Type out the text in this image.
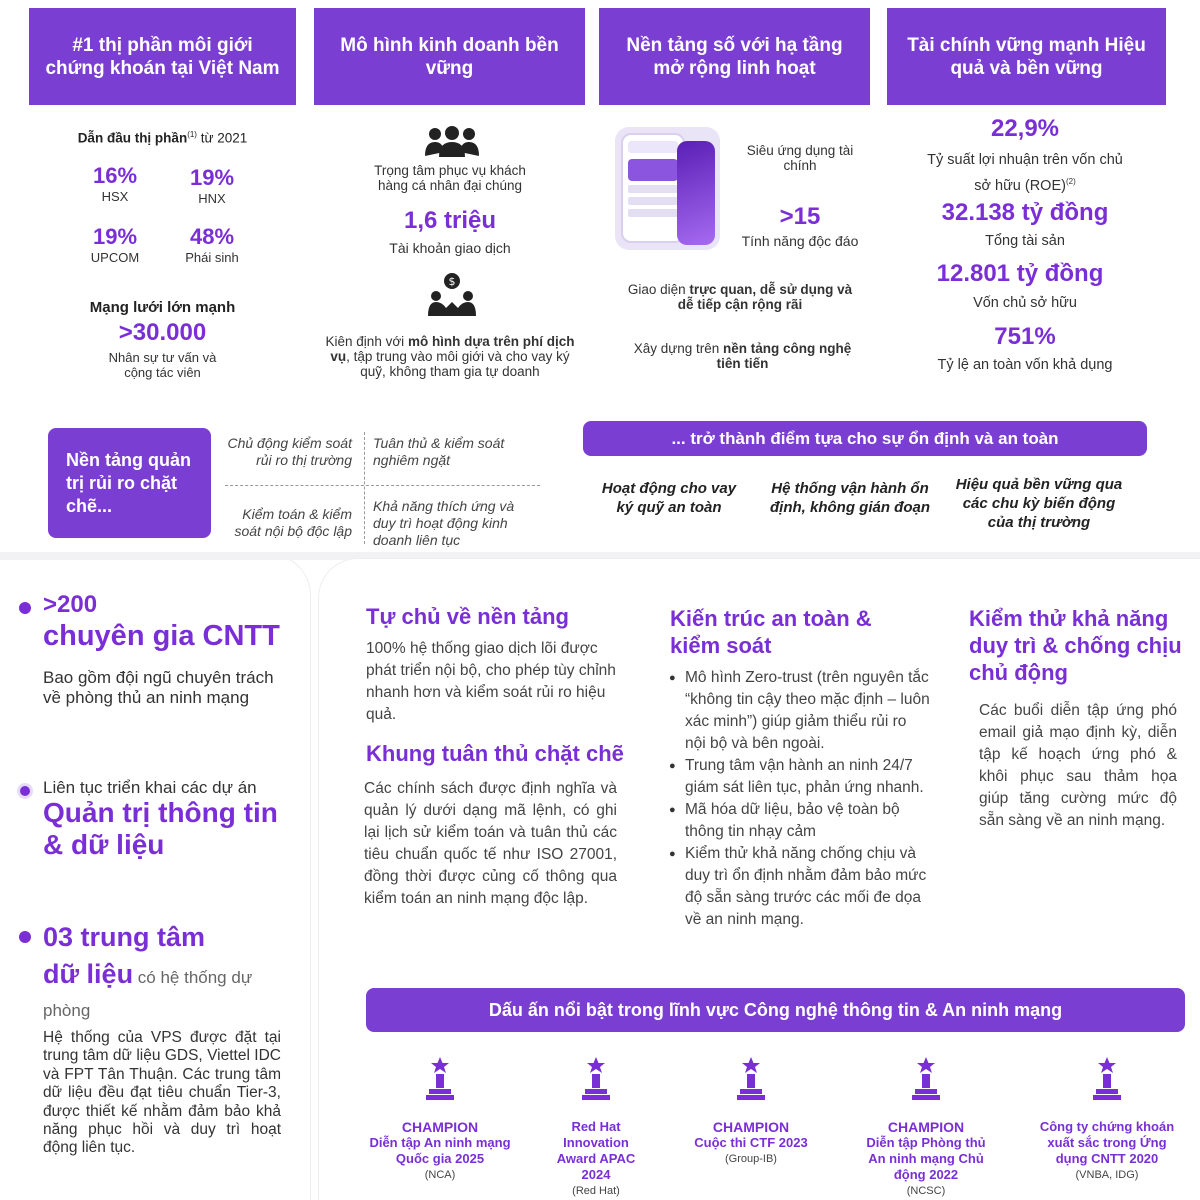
#1 thị phần môi giới chứng khoán tại Việt Nam
Mô hình kinh doanh bền vững
Nền tảng số với hạ tầng mở rộng linh hoạt
Tài chính vững mạnh Hiệu quả và bền vững
Dẫn đầu thị phần$^{(1)}$ từ 2021
16%
HSX
19%
HNX
19%
UPCOM
48%
Phái sinh
Mạng lưới lớn mạnh
>30.000
Nhân sự tư vấn và cộng tác viên
Trọng tâm phục vụ khách hàng cá nhân đại chúng
1,6 triệu
Tài khoản giao dịch
$
Kiên định với mô hình dựa trên phí dịch vụ, tập trung vào môi giới và cho vay ký quỹ, không tham gia tự doanh
Siêu ứng dụng tài chính
>15
Tính năng độc đáo
Giao diện trực quan, dễ sử dụng và dễ tiếp cận rộng rãi
Xây dựng trên nền tảng công nghệ tiên tiến
22,9%
Tỷ suất lợi nhuận trên vốn chủ sở hữu (ROE)$^{(2)}$
32.138 tỷ đồng
Tổng tài sản
12.801 tỷ đồng
Vốn chủ sở hữu
751%
Tỷ lệ an toàn vốn khả dụng
Nền tảng quản trị rủi ro chặt chẽ...
Chủ động kiểm soát rủi ro thị trường
Tuân thủ & kiểm soát nghiêm ngặt
Kiểm toán & kiểm soát nội bộ độc lập
Khả năng thích ứng và duy trì hoạt động kinh doanh liên tục
... trở thành điểm tựa cho sự ổn định và an toàn
Hoạt động cho vay ký quỹ an toàn
Hệ thống vận hành ổn định, không gián đoạn
Hiệu quả bền vững qua các chu kỳ biến động của thị trường
>200
chuyên gia CNTT
Bao gồm đội ngũ chuyên trách về phòng thủ an ninh mạng
Liên tục triển khai các dự án
Quản trị thông tin & dữ liệu
03 trung tâm
dữ liệu có hệ thống dự phòng
Hệ thống của VPS được đặt tại trung tâm dữ liệu GDS, Viettel IDC và FPT Tân Thuận. Các trung tâm dữ liệu đều đạt tiêu chuẩn Tier-3, được thiết kế nhằm đảm bảo khả năng phục hồi và duy trì hoạt động liên tục.
Tự chủ về nền tảng
100% hệ thống giao dịch lõi được phát triển nội bộ, cho phép tùy chỉnh nhanh hơn và kiểm soát rủi ro hiệu quả.
Khung tuân thủ chặt chẽ
Các chính sách được định nghĩa và quản lý dưới dạng mã lệnh, có ghi lại lịch sử kiểm toán và tuân thủ các tiêu chuẩn quốc tế như ISO 27001, đồng thời được củng cố thông qua kiểm toán an ninh mạng độc lập.
Kiến trúc an toàn & kiểm soát
● Mô hình Zero-trust (trên nguyên tắc “không tin cậy theo mặc định – luôn xác minh”) giúp giảm thiểu rủi ro nội bộ và bên ngoài.
● Trung tâm vận hành an ninh 24/7 giám sát liên tục, phản ứng nhanh.
● Mã hóa dữ liệu, bảo vệ toàn bộ thông tin nhạy cảm
● Kiểm thử khả năng chống chịu và duy trì ổn định nhằm đảm bảo mức độ sẵn sàng trước các mối đe dọa về an ninh mạng.
Kiểm thử khả năng duy trì & chống chịu chủ động
Các buổi diễn tập ứng phó email giả mạo định kỳ, diễn tập kế hoạch ứng phó & khôi phục sau thảm họa giúp tăng cường mức độ sẵn sàng về an ninh mạng.
Dấu ấn nổi bật trong lĩnh vực Công nghệ thông tin & An ninh mạng
CHAMPION
Diễn tập An ninh mạng Quốc gia 2025
(NCA)
Red Hat Innovation Award APAC 2024
(Red Hat)
CHAMPION
Cuộc thi CTF 2023
(Group-IB)
CHAMPION
Diễn tập Phòng thủ An ninh mạng Chủ động 2022
(NCSC)
Công ty chứng khoán xuất sắc trong Ứng dụng CNTT 2020
(VNBA, IDG)
